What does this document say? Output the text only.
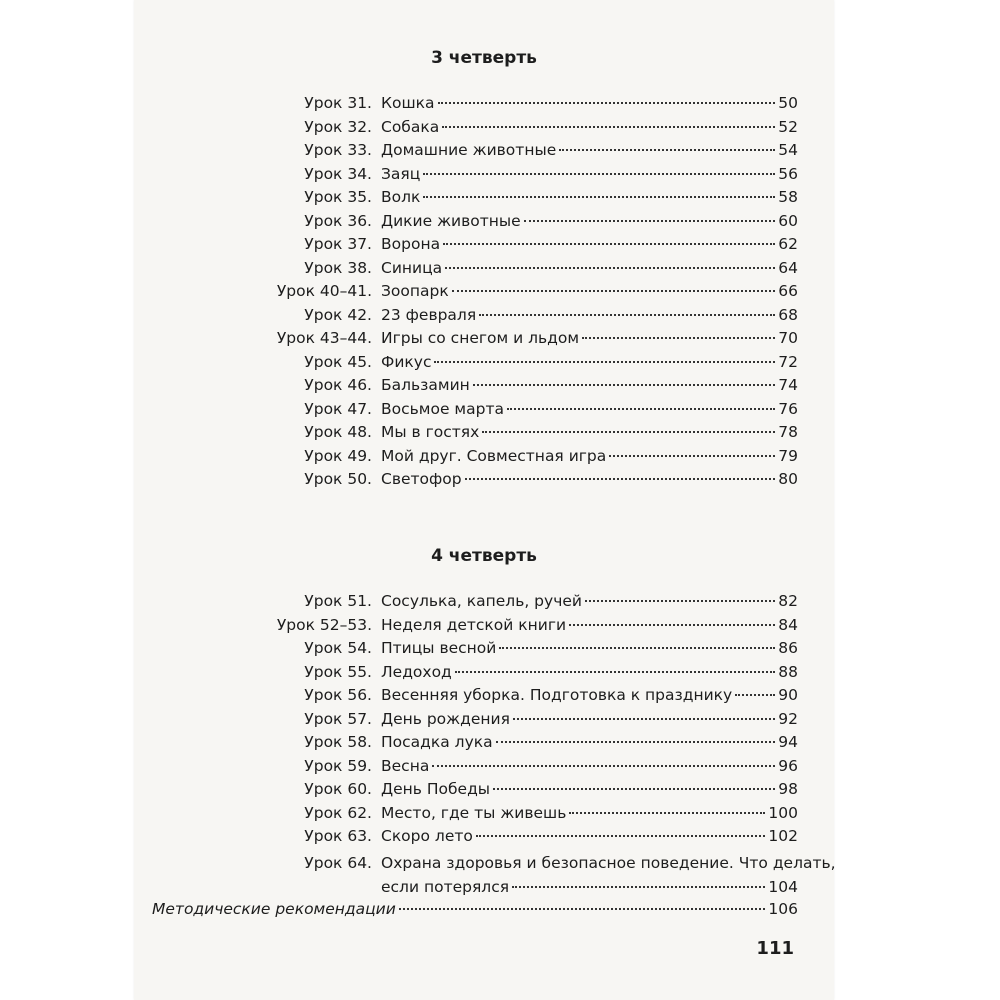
3 четверть
Урок 31. Кошка	50
Урок 32. Собака	52
Урок 33. Домашние животные	54
Урок 34. Заяц	56
Урок 35. Волк	58
Урок 36. Дикие животные	60
Урок 37. Ворона	62
Урок 38. Синица	64
Урок 40–41. Зоопарк	66
Урок 42. 23 февраля	68
Урок 43–44. Игры со снегом и льдом	70
Урок 45. Фикус	72
Урок 46. Бальзамин	74
Урок 47. Восьмое марта	76
Урок 48. Мы в гостях	78
Урок 49. Мой друг. Совместная игра	79
Урок 50. Светофор	80
4 четверть
Урок 51. Сосулька, капель, ручей	82
Урок 52–53. Неделя детской книги	84
Урок 54. Птицы весной	86
Урок 55. Ледоход	88
Урок 56. Весенняя уборка. Подготовка к празднику	90
Урок 57. День рождения	92
Урок 58. Посадка лука	94
Урок 59. Весна	96
Урок 60. День Победы	98
Урок 62. Место, где ты живешь	100
Урок 63. Скоро лето	102
Урок 64. Охрана здоровья и безопасное поведение. Что делать,
если потерялся	104
Методические рекомендации	106
111
